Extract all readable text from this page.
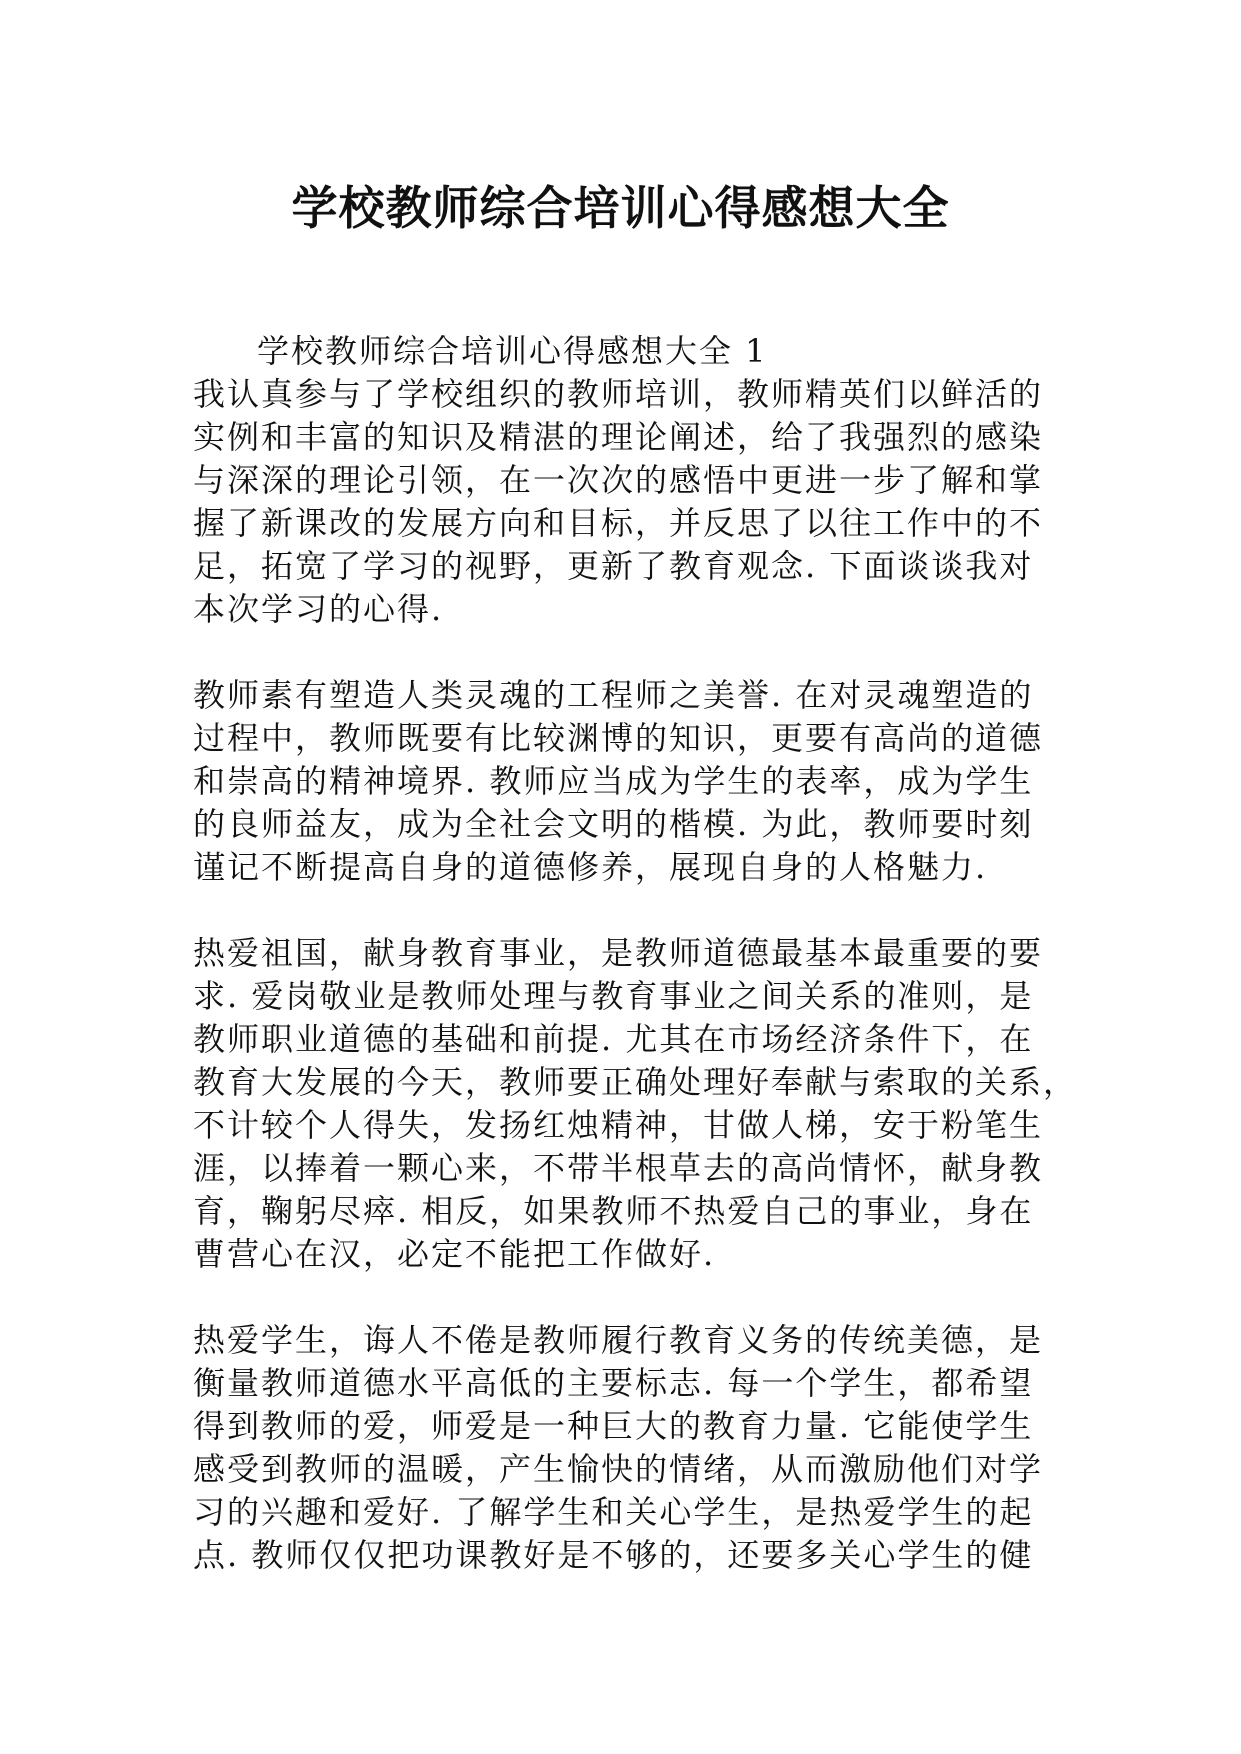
学校教师综合培训心得感想大全
学校教师综合培训心得感想大全 1
我认真参与了学校组织的教师培训，教师精英们以鲜活的
实例和丰富的知识及精湛的理论阐述，给了我强烈的感染
与深深的理论引领，在一次次的感悟中更进一步了解和掌
握了新课改的发展方向和目标，并反思了以往工作中的不
足，拓宽了学习的视野，更新了教育观念. 下面谈谈我对
本次学习的心得.
教师素有塑造人类灵魂的工程师之美誉. 在对灵魂塑造的
过程中，教师既要有比较渊博的知识，更要有高尚的道德
和崇高的精神境界. 教师应当成为学生的表率，成为学生
的良师益友，成为全社会文明的楷模. 为此，教师要时刻
谨记不断提高自身的道德修养，展现自身的人格魅力.
热爱祖国，献身教育事业，是教师道德最基本最重要的要
求. 爱岗敬业是教师处理与教育事业之间关系的准则，是
教师职业道德的基础和前提. 尤其在市场经济条件下，在
教育大发展的今天，教师要正确处理好奉献与索取的关系，
不计较个人得失，发扬红烛精神，甘做人梯，安于粉笔生
涯，以捧着一颗心来，不带半根草去的高尚情怀，献身教
育，鞠躬尽瘁. 相反，如果教师不热爱自己的事业，身在
曹营心在汉，必定不能把工作做好.
热爱学生，诲人不倦是教师履行教育义务的传统美德，是
衡量教师道德水平高低的主要标志. 每一个学生，都希望
得到教师的爱，师爱是一种巨大的教育力量. 它能使学生
感受到教师的温暖，产生愉快的情绪，从而激励他们对学
习的兴趣和爱好. 了解学生和关心学生，是热爱学生的起
点. 教师仅仅把功课教好是不够的，还要多关心学生的健
